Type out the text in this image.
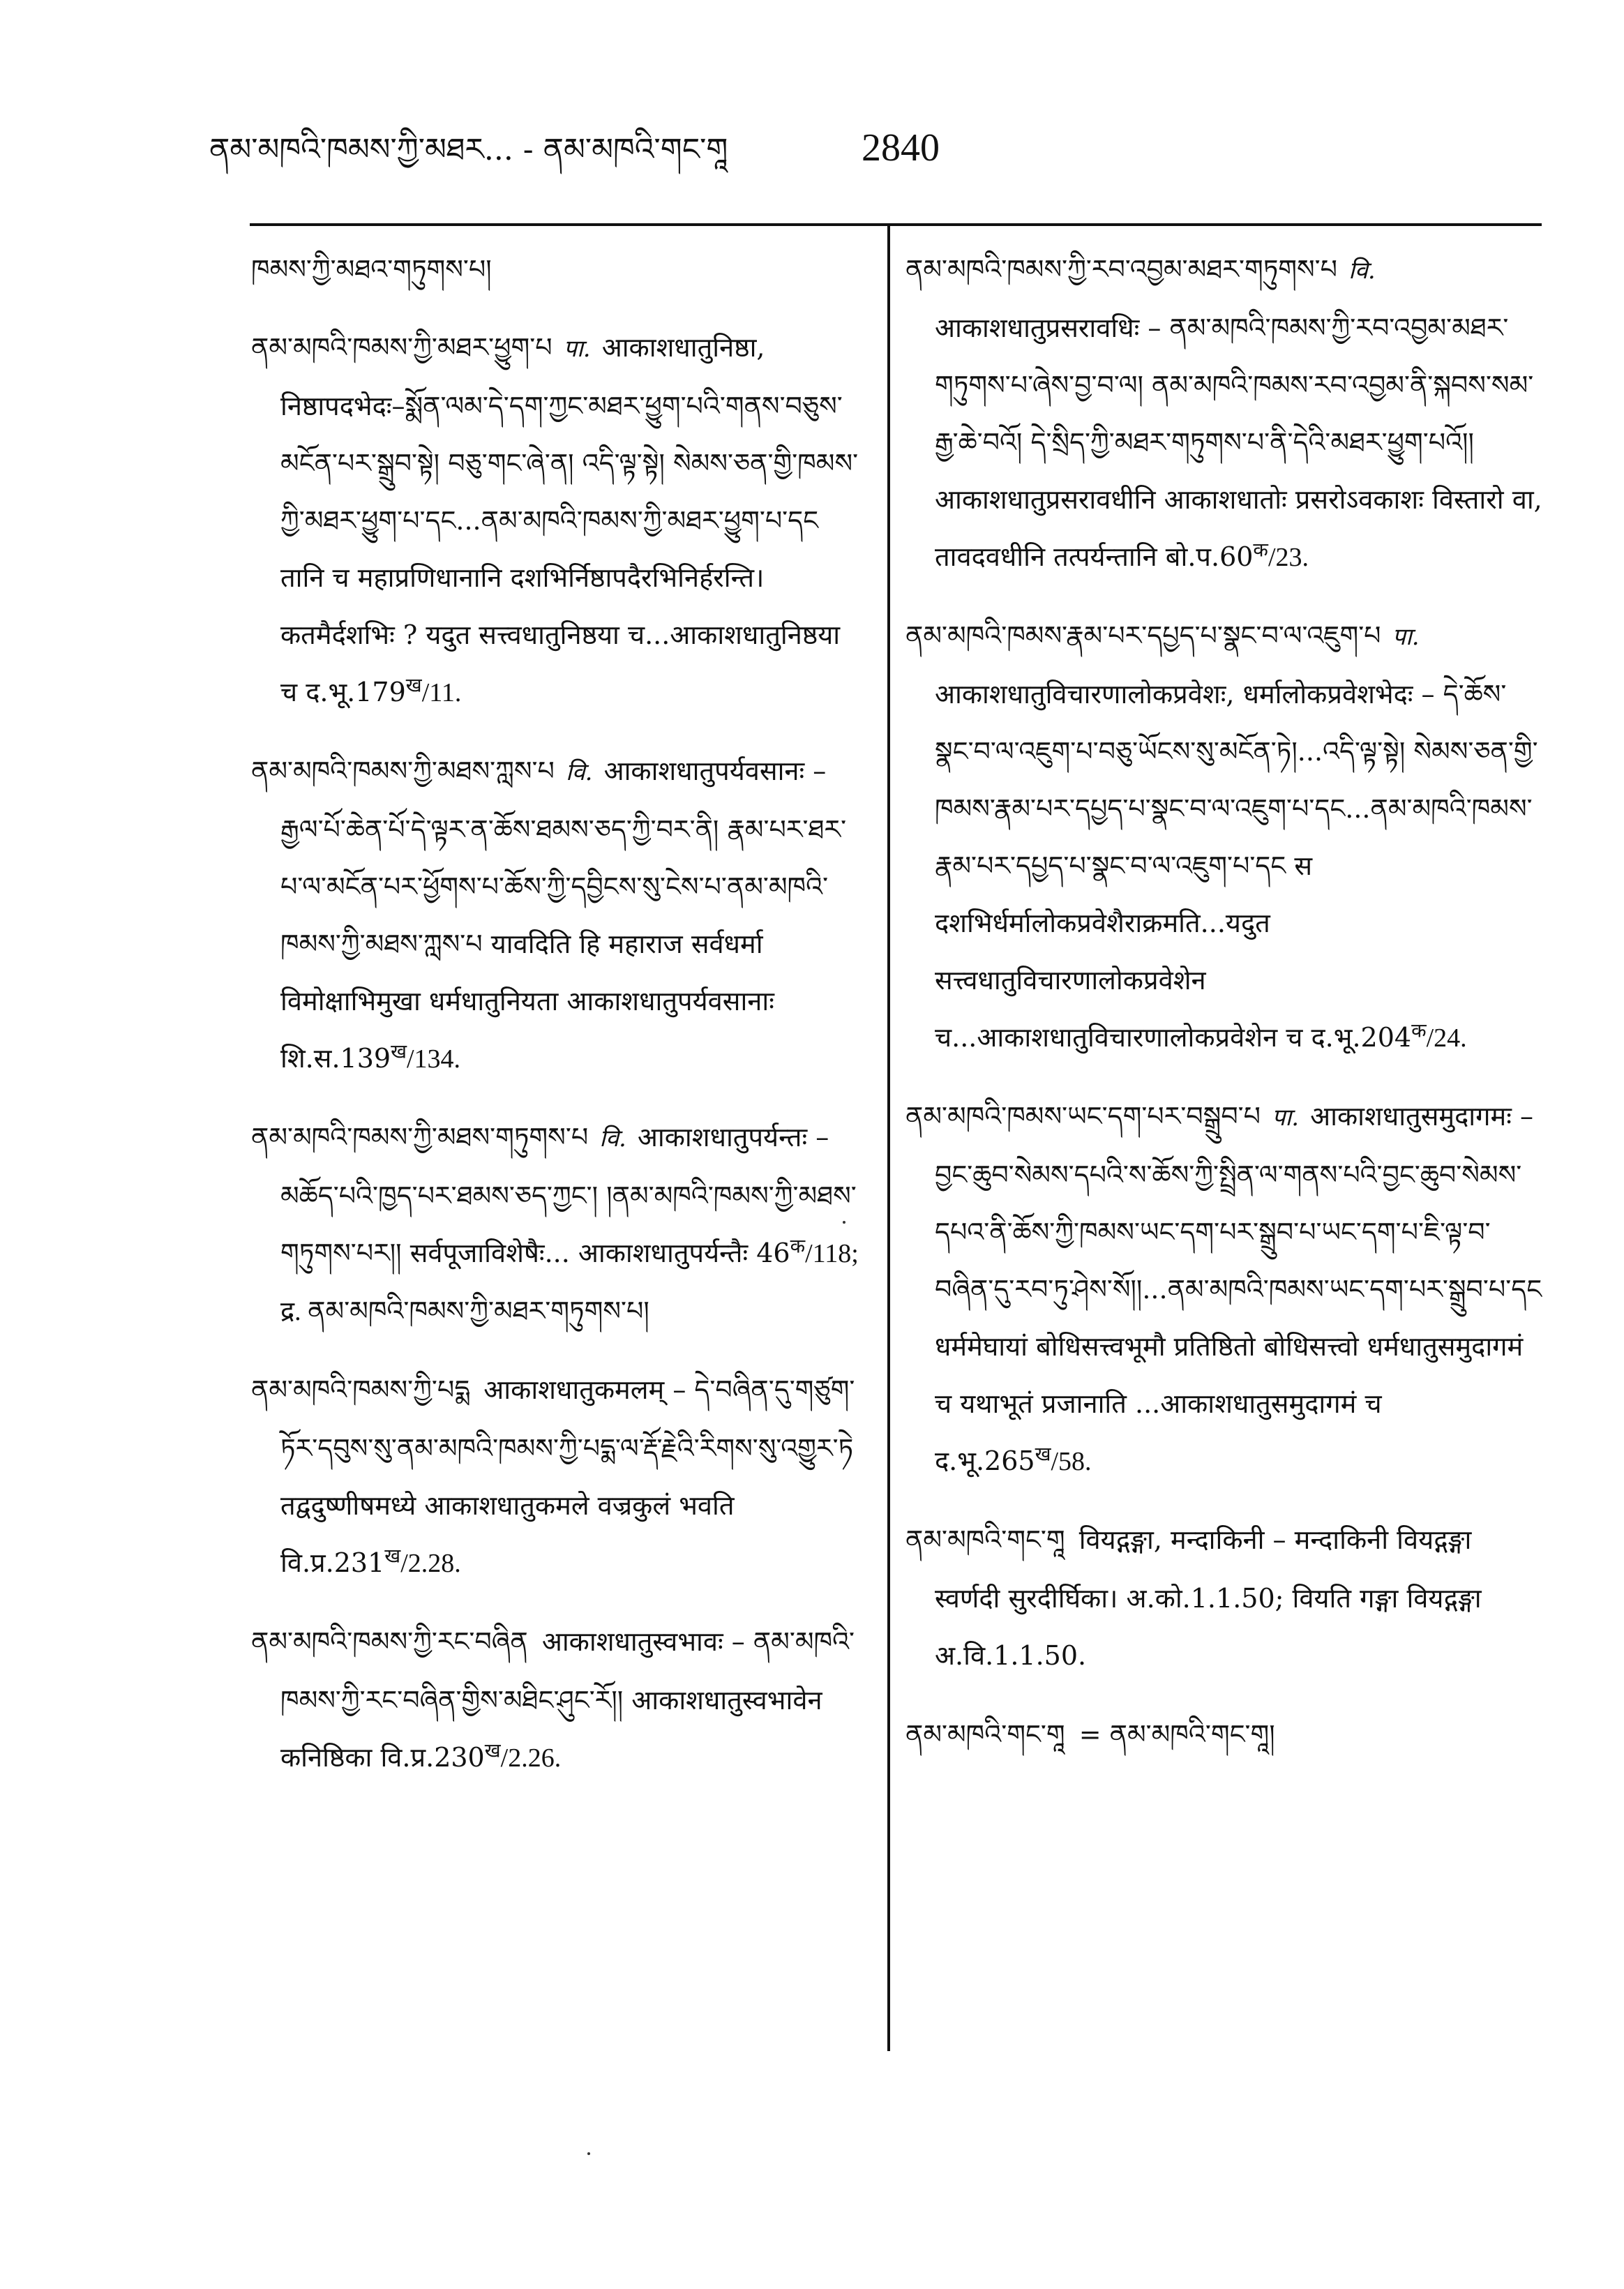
ནམ་མཁའི་ཁམས་ཀྱི་མཐར... - ནམ་མཁའི་གང་གཱ	2840

ཁམས་ཀྱི་མཐའ་གཏུགས་པ།

ནམ་མཁའི་ཁམས་ཀྱི་མཐར་ཕྱུག་པ पा. आकाशधातुनिष्ठा, निष्ठापदभेदः–སྨོན་ལམ་དེ་དག་ཀྱང་མཐར་ཕྱུག་པའི་གནས་བཅུས་མངོན་པར་སྒྲུབ་སྟེ། བཅུ་གང་ཞེ་ན། འདི་ལྟ་སྟེ། སེམས་ཅན་གྱི་ཁམས་ཀྱི་མཐར་ཕྱུག་པ་དང...ནམ་མཁའི་ཁམས་ཀྱི་མཐར་ཕྱུག་པ་དང तानि च महाप्रणिधानानि दशभिर्निष्ठापदैरभिनिर्हरन्ति। कतमैर्दशभिः ? यदुत सत्त्वधातुनिष्ठया च...आकाशधातुनिष्ठया च $द.भू.179^ख/11$.

ནམ་མཁའི་ཁམས་ཀྱི་མཐས་ཀླས་པ वि. आकाशधातुपर्यवसानः – རྒྱལ་པོ་ཆེན་པོ་དེ་ལྟར་ན་ཆོས་ཐམས་ཅད་ཀྱི་བར་ནི། རྣམ་པར་ཐར་པ་ལ་མངོན་པར་ཕྱོགས་པ་ཆོས་ཀྱི་དབྱིངས་སུ་ངེས་པ་ནམ་མཁའི་ཁམས་ཀྱི་མཐས་ཀླས་པ यावदिति हि महाराज सर्वधर्मा विमोक्षाभिमुखा धर्मधातुनियता आकाशधातुपर्यवसानाः $शि.स.139^ख/134$.

ནམ་མཁའི་ཁམས་ཀྱི་མཐས་གཏུགས་པ वि. आकाशधातुपर्यन्तः – མཆོད་པའི་ཁྱད་པར་ཐམས་ཅད་ཀྱང་། །ནམ་མཁའི་ཁམས་ཀྱི་མཐས་གཏུགས་པར།། सर्वपूजाविशेषैः... आकाशधातुपर्यन्तैः $46^क/118$; द्र. ནམ་མཁའི་ཁམས་ཀྱི་མཐར་གཏུགས་པ།

ནམ་མཁའི་ཁམས་ཀྱི་པདྨ आकाशधातुकमलम् – དེ་བཞིན་དུ་གཙུག་ཏོར་དབུས་སུ་ནམ་མཁའི་ཁམས་ཀྱི་པདྨ་ལ་རྡོ་རྗེའི་རིགས་སུ་འགྱུར་ཏེ तद्वदुष्णीषमध्ये आकाशधातुकमले वज्रकुलं भवति $वि.प्र.231^ख/2.28$.

ནམ་མཁའི་ཁམས་ཀྱི་རང་བཞིན आकाशधातुस्वभावः – ནམ་མཁའི་ཁམས་ཀྱི་རང་བཞིན་གྱིས་མཐིང་ཤུང་རོ།། आकाशधातुस्वभावेन कनिष्ठिका $वि.प्र.230^ख/2.26$.

ནམ་མཁའི་ཁམས་ཀྱི་རབ་འབྱམ་མཐར་གཏུགས་པ वि. आकाशधातुप्रसरावधिः – ནམ་མཁའི་ཁམས་ཀྱི་རབ་འབྱམ་མཐར་གཏུགས་པ་ཞེས་བྱ་བ་ལ། ནམ་མཁའི་ཁམས་རབ་འབྱམ་ནི་སྐབས་སམ་རྒྱ་ཆེ་བའོ། དེ་སྲིད་ཀྱི་མཐར་གཏུགས་པ་ནི་དེའི་མཐར་ཕྱུག་པའོ།། आकाशधातुप्रसरावधीनि आकाशधातोः प्रसरोऽवकाशः विस्तारो वा, तावदवधीनि तत्पर्यन्तानि $बो.प.60^क/23$.

ནམ་མཁའི་ཁམས་རྣམ་པར་དཔྱད་པ་སྣང་བ་ལ་འཇུག་པ पा. आकाशधातुविचारणालोकप्रवेशः, धर्मालोकप्रवेशभेदः – དེ་ཆོས་སྣང་བ་ལ་འཇུག་པ་བཅུ་ཡོངས་སུ་མངོན་ཏེ།...འདི་ལྟ་སྟེ། སེམས་ཅན་གྱི་ཁམས་རྣམ་པར་དཔྱད་པ་སྣང་བ་ལ་འཇུག་པ་དང...ནམ་མཁའི་ཁམས་རྣམ་པར་དཔྱད་པ་སྣང་བ་ལ་འཇུག་པ་དང स दशभिर्धर्मालोकप्रवेशैराक्रमति...यदुत सत्त्वधातुविचारणालोकप्रवेशेन च...आकाशधातुविचारणालोकप्रवेशेन च $द.भू.204^क/24$.

ནམ་མཁའི་ཁམས་ཡང་དག་པར་བསྒྲུབ་པ पा. आकाशधातुसमुदागमः – བྱང་ཆུབ་སེམས་དཔའི་ས་ཆོས་ཀྱི་སྤྲིན་ལ་གནས་པའི་བྱང་ཆུབ་སེམས་དཔའ་ནི་ཆོས་ཀྱི་ཁམས་ཡང་དག་པར་སྒྲུབ་པ་ཡང་དག་པ་ཇི་ལྟ་བ་བཞིན་དུ་རབ་ཏུ་ཤེས་སོ།།...ནམ་མཁའི་ཁམས་ཡང་དག་པར་སྒྲུབ་པ་དང धर्ममेघायां बोधिसत्त्वभूमौ प्रतिष्ठितो बोधिसत्त्वो धर्मधातुसमुदागमं च यथाभूतं प्रजानाति ...आकाशधातुसमुदागमं च $द.भू.265^ख/58$.

ནམ་མཁའི་གང་གཱ वियद्गङ्गा, मन्दाकिनी – मन्दाकिनी वियद्गङ्गा स्वर्णदी सुरदीर्घिका। अ.को.1.1.50; वियति गङ्गा वियद्गङ्गा अ.वि.1.1.50.

ནམ་མཁའི་གང་གཱ = ནམ་མཁའི་གང་གཱ།
